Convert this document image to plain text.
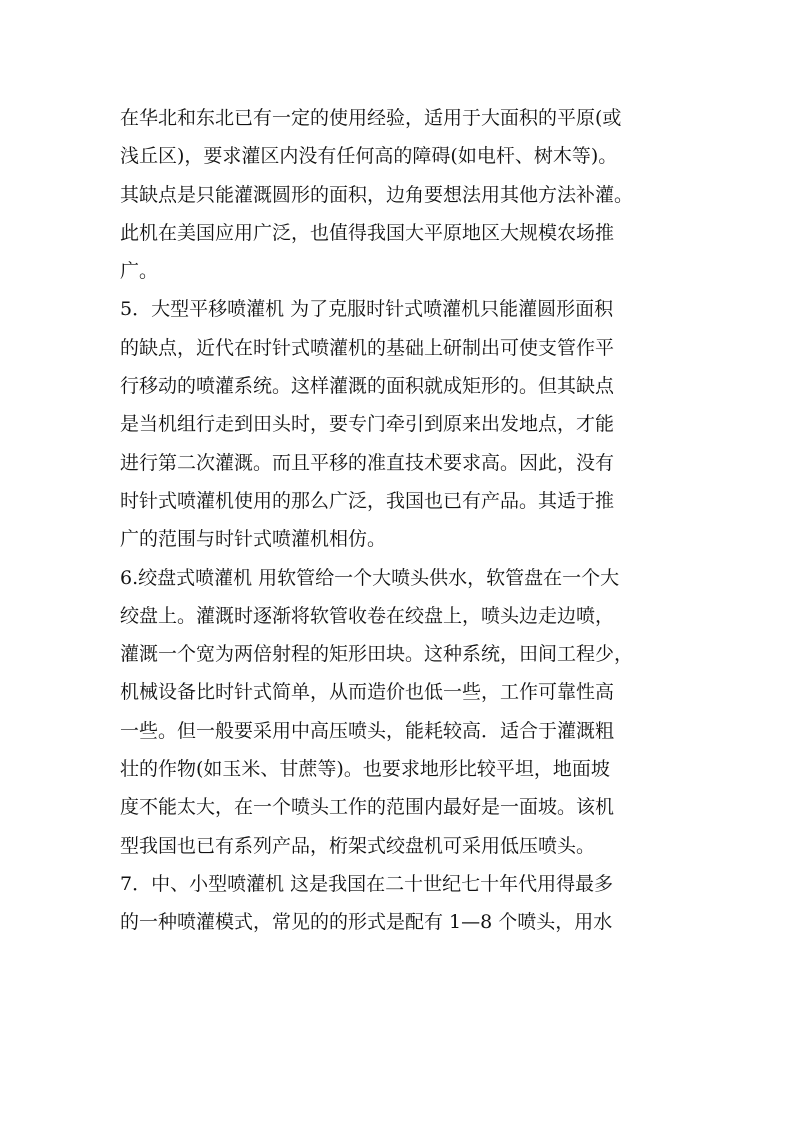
在华北和东北已有一定的使用经验，适用于大面积的平原(或
浅丘区)，要求灌区内没有任何高的障碍(如电杆、树木等)。
其缺点是只能灌溉圆形的面积，边角要想法用其他方法补灌。
此机在美国应用广泛，也值得我国大平原地区大规模农场推
广。
5．大型平移喷灌机 为了克服时针式喷灌机只能灌圆形面积
的缺点，近代在时针式喷灌机的基础上研制出可使支管作平
行移动的喷灌系统。这样灌溉的面积就成矩形的。但其缺点
是当机组行走到田头时，要专门牵引到原来出发地点，才能
进行第二次灌溉。而且平移的准直技术要求高。因此，没有
时针式喷灌机使用的那么广泛，我国也已有产品。其适于推
广的范围与时针式喷灌机相仿。
6.绞盘式喷灌机 用软管给一个大喷头供水，软管盘在一个大
绞盘上。灌溉时逐渐将软管收卷在绞盘上，喷头边走边喷，
灌溉一个宽为两倍射程的矩形田块。这种系统，田间工程少，
机械设备比时针式简单，从而造价也低一些，工作可靠性高
一些。但一般要采用中高压喷头，能耗较高．适合于灌溉粗
壮的作物(如玉米、甘蔗等)。也要求地形比较平坦，地面坡
度不能太大，在一个喷头工作的范围内最好是一面坡。该机
型我国也已有系列产品，桁架式绞盘机可采用低压喷头。
7．中、小型喷灌机 这是我国在二十世纪七十年代用得最多
的一种喷灌模式，常见的的形式是配有 1—8 个喷头，用水
